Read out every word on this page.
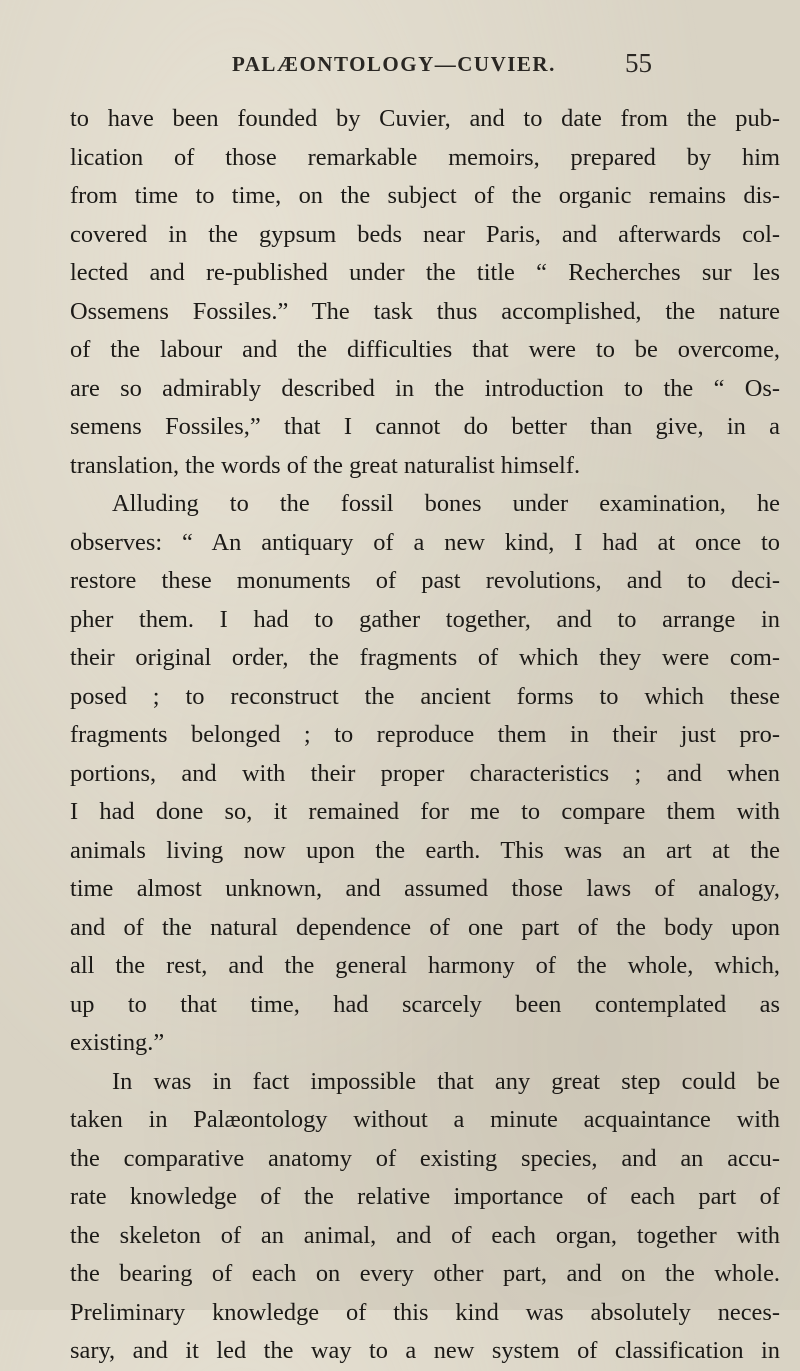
PALÆONTOLOGY—CUVIER.	55
to have been founded by Cuvier, and to date from the pub-
lication of those remarkable memoirs, prepared by him
from time to time, on the subject of the organic remains dis-
covered in the gypsum beds near Paris, and afterwards col-
lected and re-published under the title “ Recherches sur les
Ossemens Fossiles.” The task thus accomplished, the nature
of the labour and the difficulties that were to be overcome,
are so admirably described in the introduction to the “ Os-
semens Fossiles,” that I cannot do better than give, in a
translation, the words of the great naturalist himself.
Alluding to the fossil bones under examination, he
observes: “ An antiquary of a new kind, I had at once to
restore these monuments of past revolutions, and to deci-
pher them. I had to gather together, and to arrange in
their original order, the fragments of which they were com-
posed ; to reconstruct the ancient forms to which these
fragments belonged ; to reproduce them in their just pro-
portions, and with their proper characteristics ; and when
I had done so, it remained for me to compare them with
animals living now upon the earth. This was an art at the
time almost unknown, and assumed those laws of analogy,
and of the natural dependence of one part of the body upon
all the rest, and the general harmony of the whole, which,
up to that time, had scarcely been contemplated as
existing.”
In was in fact impossible that any great step could be
taken in Palæontology without a minute acquaintance with
the comparative anatomy of existing species, and an accu-
rate knowledge of the relative importance of each part of
the skeleton of an animal, and of each organ, together with
the bearing of each on every other part, and on the whole.
Preliminary knowledge of this kind was absolutely neces-
sary, and it led the way to a new system of classification in
